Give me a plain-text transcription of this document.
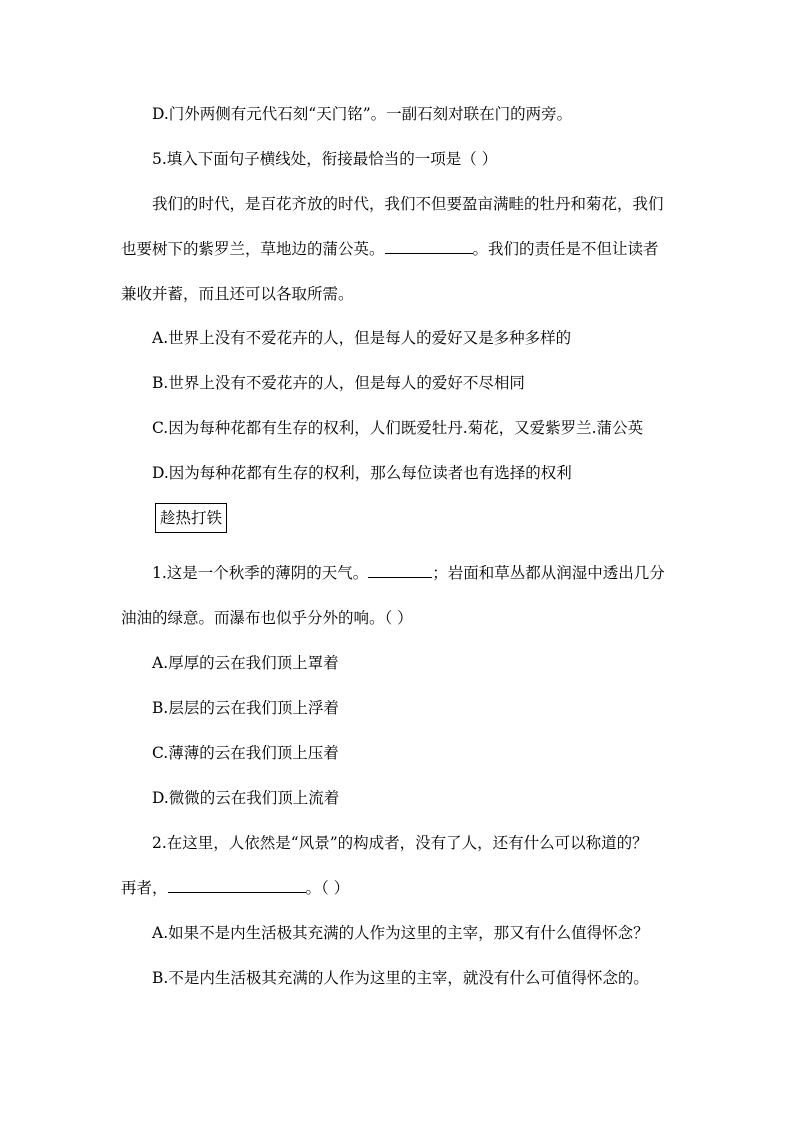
D.门外两侧有元代石刻“天门铭”。一副石刻对联在门的两旁。
5.填入下面句子横线处，衔接最恰当的一项是（ ）
我们的时代，是百花齐放的时代，我们不但要盈亩满畦的牡丹和菊花，我们
也要树下的紫罗兰，草地边的蒲公英。	。我们的责任是不但让读者
兼收并蓄，而且还可以各取所需。
A.世界上没有不爱花卉的人，但是每人的爱好又是多种多样的
B.世界上没有不爱花卉的人，但是每人的爱好不尽相同
C.因为每种花都有生存的权利，人们既爱牡丹.菊花，又爱紫罗兰.蒲公英
D.因为每种花都有生存的权利，那么每位读者也有选择的权利
趁热打铁
1.这是一个秋季的薄阴的天气。	；岩面和草丛都从润湿中透出几分
油油的绿意。而瀑布也似乎分外的响。（ ）
A.厚厚的云在我们顶上罩着
B.层层的云在我们顶上浮着
C.薄薄的云在我们顶上压着
D.微微的云在我们顶上流着
2.在这里，人依然是“风景”的构成者，没有了人，还有什么可以称道的？
再者，	。（ ）
A.如果不是内生活极其充满的人作为这里的主宰，那又有什么值得怀念？
B.不是内生活极其充满的人作为这里的主宰，就没有什么可值得怀念的。
